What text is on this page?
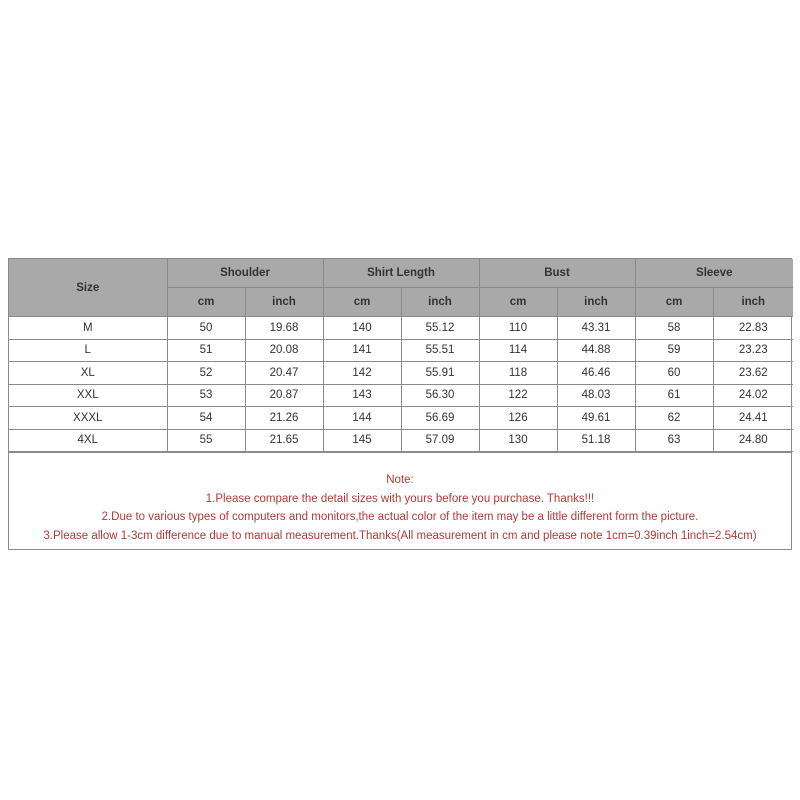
Size	Shoulder		Shirt Length		Bust		Sleeve	
	cm	inch	cm	inch	cm	inch	cm	inch
M	50	19.68	140	55.12	110	43.31	58	22.83
L	51	20.08	141	55.51	114	44.88	59	23.23
XL	52	20.47	142	55.91	118	46.46	60	23.62
XXL	53	20.87	143	56.30	122	48.03	61	24.02
XXXL	54	21.26	144	56.69	126	49.61	62	24.41
4XL	55	21.65	145	57.09	130	51.18	63	24.80
Note:
1.Please compare the detail sizes with yours before you purchase. Thanks!!!
2.Due to various types of computers and monitors,the actual color of the item may be a little different form the picture.
3.Please allow 1-3cm difference due to manual measurement.Thanks(All measurement in cm and please note 1cm=0.39inch 1inch=2.54cm)
